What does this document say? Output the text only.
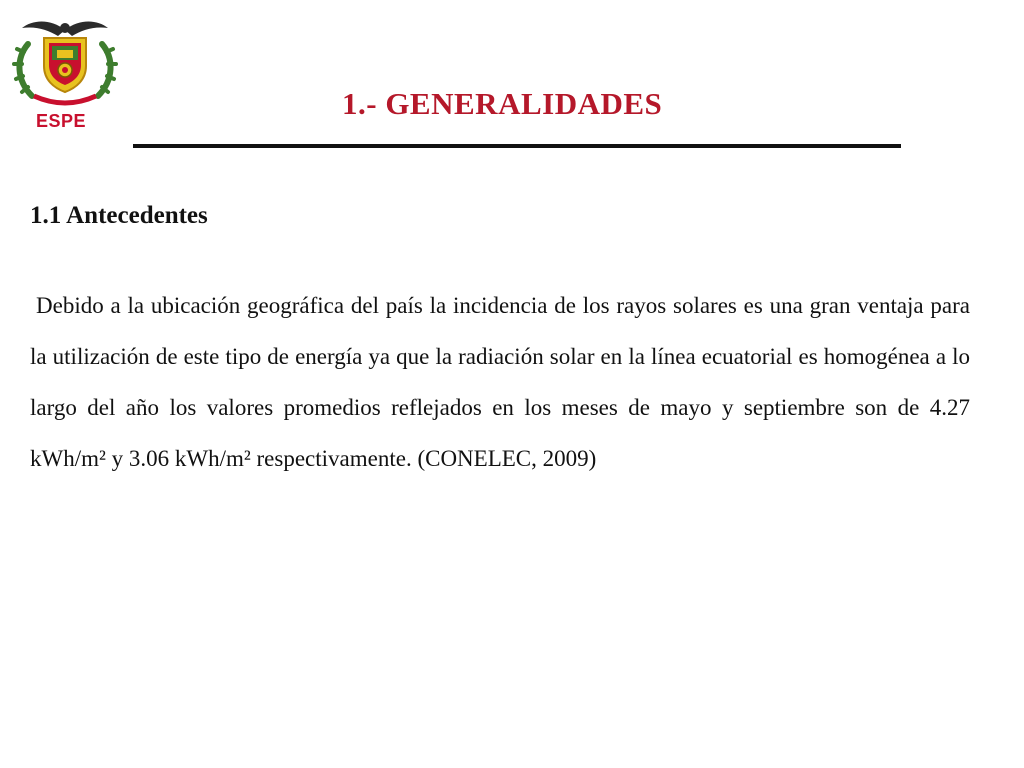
ESPE	1.- GENERALIDADES
1.1 Antecedentes

Debido a la ubicación geográfica del país la incidencia de los rayos solares es una gran ventaja para la utilización de este tipo de energía ya que la radiación solar en la línea ecuatorial es homogénea a lo largo del año los valores promedios reflejados en los meses de mayo y septiembre son de 4.27 kWh/m² y 3.06 kWh/m² respectivamente. (CONELEC, 2009)
